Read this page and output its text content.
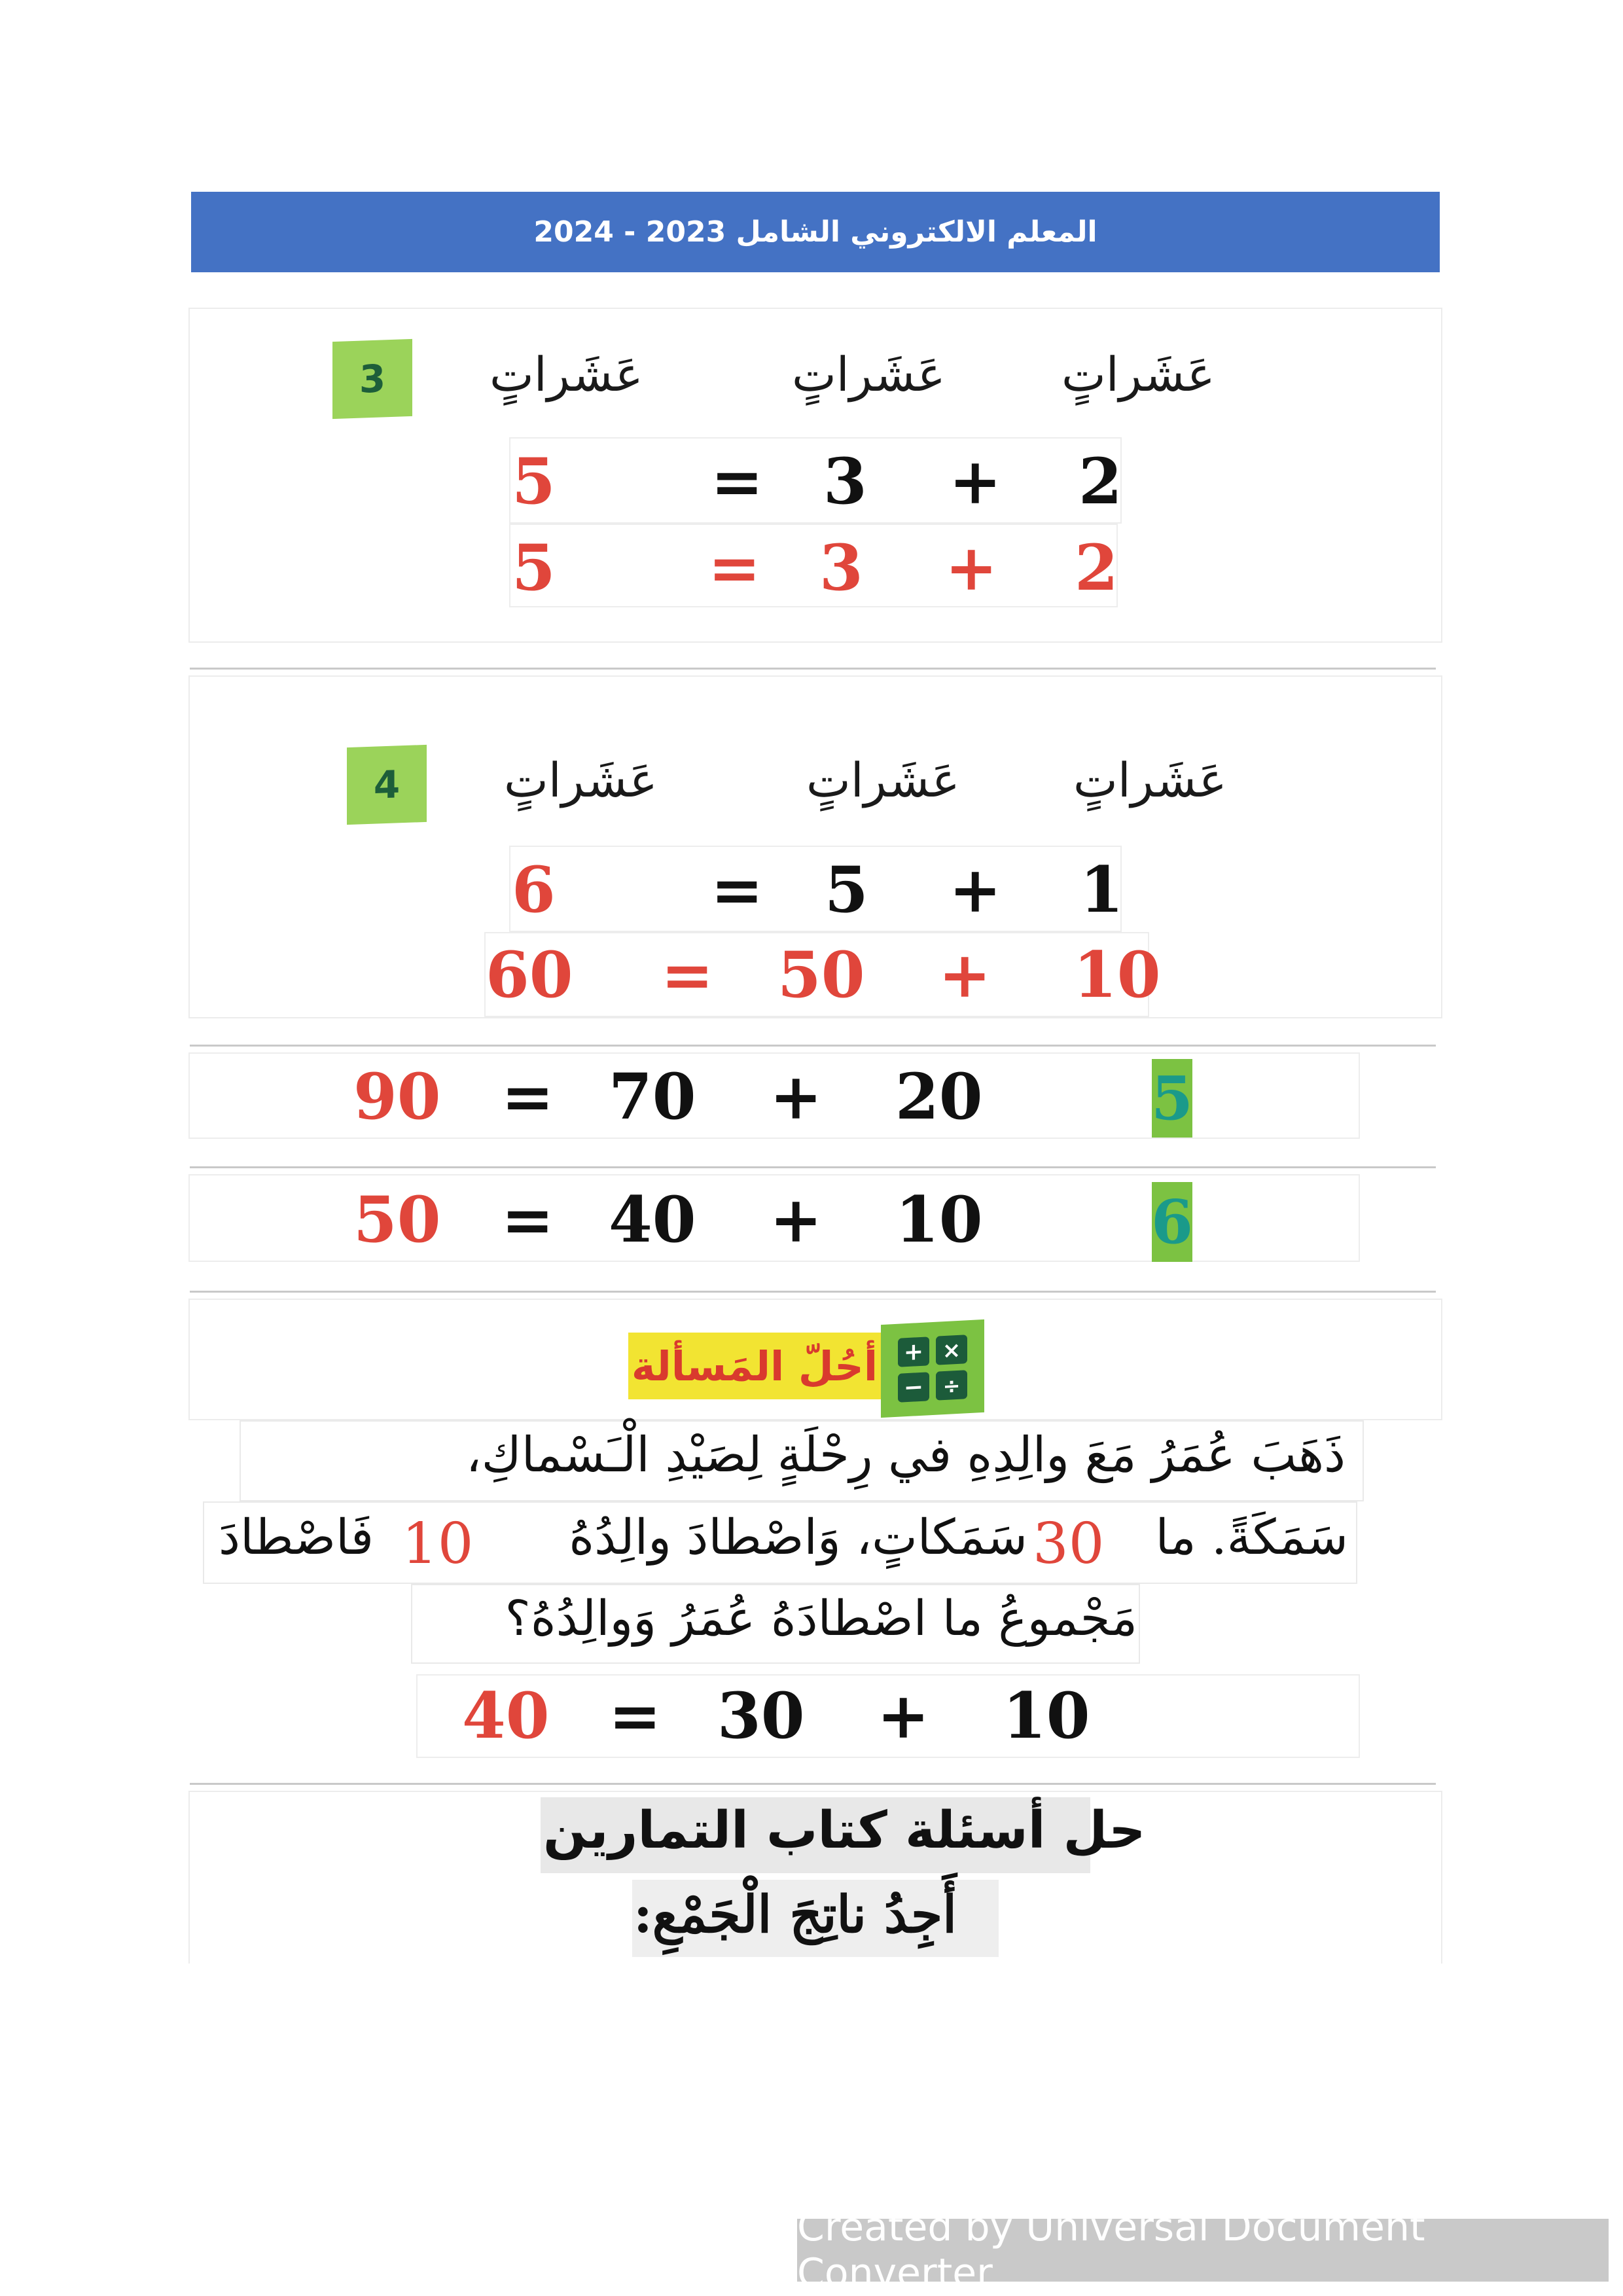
المعلم الالكتروني الشامل 2023 - 2024
3	عَشَراتٍ
عَشَراتٍ
عَشَراتٍ
5 = 3 + 2
5 = 3 + 2
4	عَشَراتٍ
عَشَراتٍ
عَشَراتٍ
6 = 5 + 1
60 = 50 + 10
90 = 70 + 20	5
50 = 40 + 10	6
أحُلّ المَسألة + ×
− ÷
ذَهَبَ عُمَرُ مَعَ والِدِهِ في رِحْلَةٍ لِصَيْدِ الْـَسْماكِ،
سَمَكَةً. ما
30
سَمَكاتٍ، وَاصْطادَ والِدُهُ
10
فَاصْطادَ
مَجْموعُ ما اصْطادَهُ عُمَرُ وَوالِدُهُ؟
40 = 30 + 10
حل أسئلة كتاب التمارين
أَجِدُ ناتِجَ الْجَمْعِ:
Created by Universal Document Converter
